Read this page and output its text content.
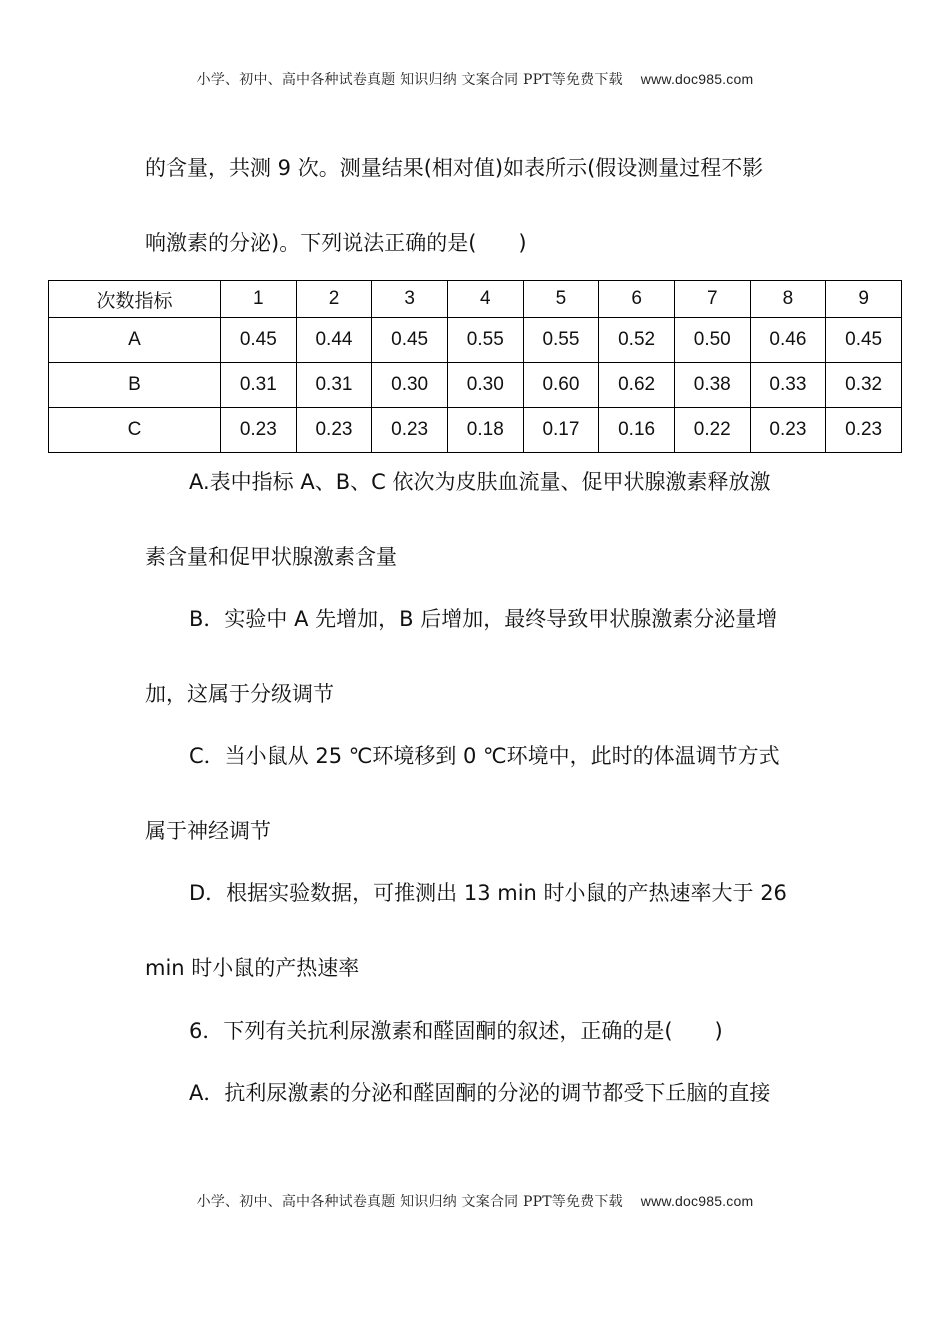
小学、初中、高中各种试卷真题 知识归纳 文案合同 PPT等免费下载 www.doc985.com
的含量，共测 9 次。测量结果(相对值)如表所示(假设测量过程不影
响激素的分泌)。下列说法正确的是(　　)
次数指标	1	2	3	4	5	6	7	8	9
A	0.45	0.44	0.45	0.55	0.55	0.52	0.50	0.46	0.45
B	0.31	0.31	0.30	0.30	0.60	0.62	0.38	0.33	0.32
C	0.23	0.23	0.23	0.18	0.17	0.16	0.22	0.23	0.23
A.表中指标 A、B、C 依次为皮肤血流量、促甲状腺激素释放激
素含量和促甲状腺激素含量
B．实验中 A 先增加，B 后增加，最终导致甲状腺激素分泌量增
加，这属于分级调节
C．当小鼠从 25 ℃环境移到 0 ℃环境中，此时的体温调节方式
属于神经调节
D．根据实验数据，可推测出 13 min 时小鼠的产热速率大于 26
min 时小鼠的产热速率
6．下列有关抗利尿激素和醛固酮的叙述，正确的是(　　)
A．抗利尿激素的分泌和醛固酮的分泌的调节都受下丘脑的直接
小学、初中、高中各种试卷真题 知识归纳 文案合同 PPT等免费下载 www.doc985.com
